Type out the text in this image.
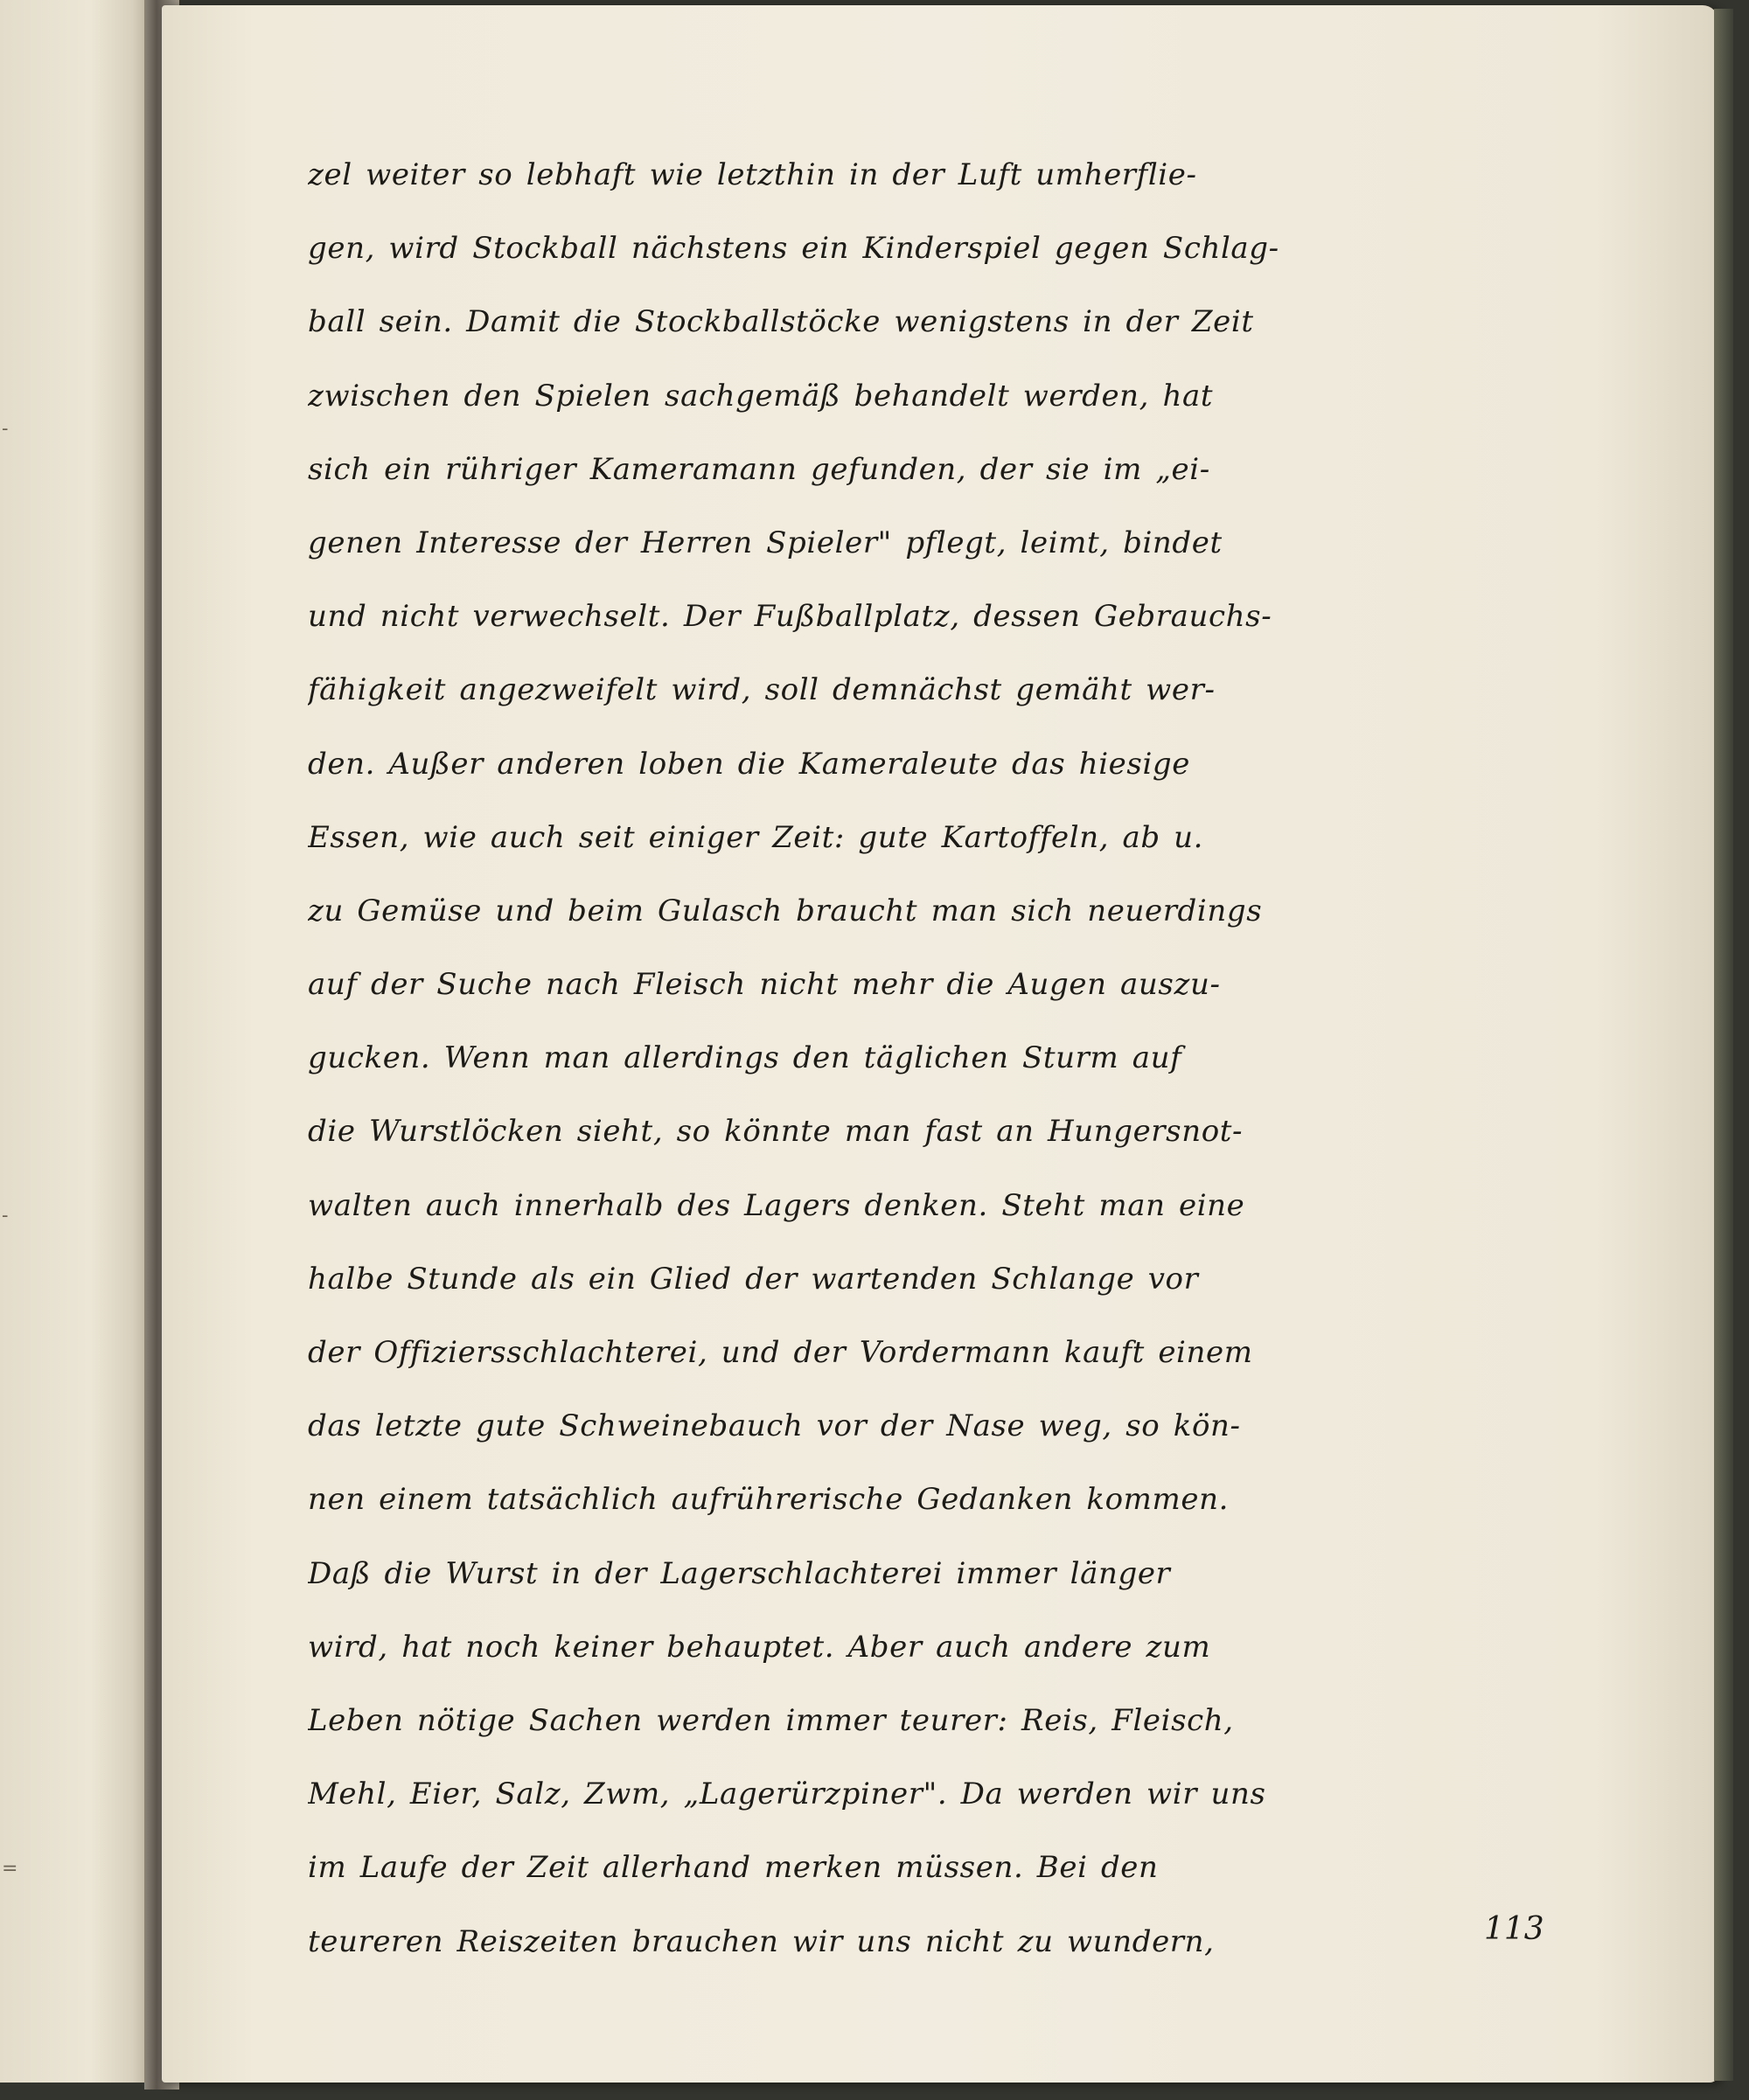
-
-
=
zel weiter so lebhaft wie letzthin in der Luft umherflie-
gen, wird Stockball nächstens ein Kinderspiel gegen Schlag-
ball sein. Damit die Stockballstöcke wenigstens in der Zeit
zwischen den Spielen sachgemäß behandelt werden, hat
sich ein rühriger Kameramann gefunden, der sie im „ei-
genen Interesse der Herren Spieler" pflegt, leimt, bindet
und nicht verwechselt. Der Fußballplatz, dessen Gebrauchs-
fähigkeit angezweifelt wird, soll demnächst gemäht wer-
den. Außer anderen loben die Kameraleute das hiesige
Essen, wie auch seit einiger Zeit: gute Kartoffeln, ab u.
zu Gemüse und beim Gulasch braucht man sich neuerdings
auf der Suche nach Fleisch nicht mehr die Augen auszu-
gucken. Wenn man allerdings den täglichen Sturm auf
die Wurstlöcken sieht, so könnte man fast an Hungersnot-
walten auch innerhalb des Lagers denken. Steht man eine
halbe Stunde als ein Glied der wartenden Schlange vor
der Offiziersschlachterei, und der Vordermann kauft einem
das letzte gute Schweinebauch vor der Nase weg, so kön-
nen einem tatsächlich aufrührerische Gedanken kommen.
Daß die Wurst in der Lagerschlachterei immer länger
wird, hat noch keiner behauptet. Aber auch andere zum
Leben nötige Sachen werden immer teurer: Reis, Fleisch,
Mehl, Eier, Salz, Zwm, „Lagerürzpiner". Da werden wir uns
im Laufe der Zeit allerhand merken müssen. Bei den
teureren Reiszeiten brauchen wir uns nicht zu wundern,	113
